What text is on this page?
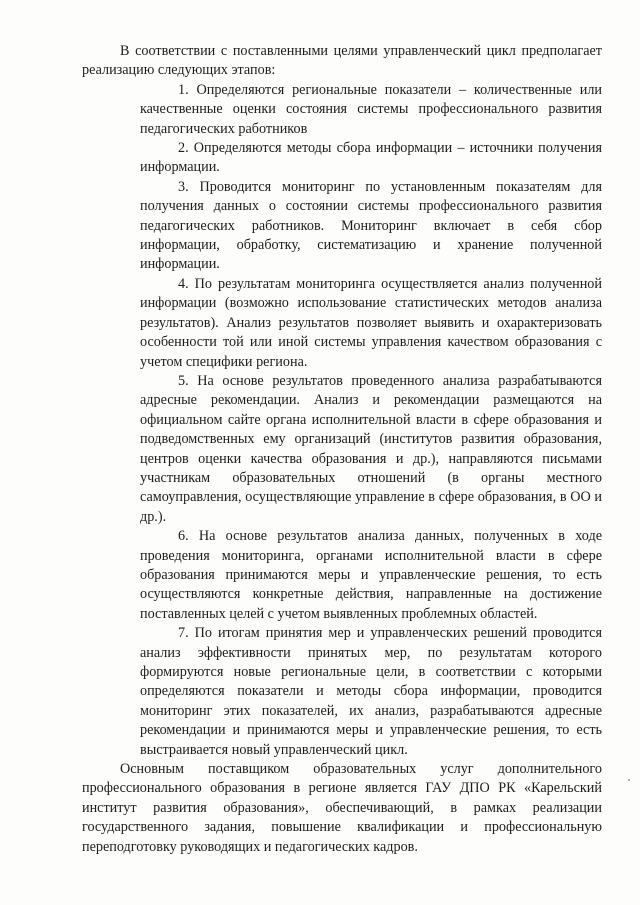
В соответствии с поставленными целями управленческий цикл предполагает реализацию следующих этапов:

1. Определяются региональные показатели – количественные или качественные оценки состояния системы профессионального развития педагогических работников

2. Определяются методы сбора информации – источники получения информации.

3. Проводится мониторинг по установленным показателям для получения данных о состоянии системы профессионального развития педагогических работников. Мониторинг включает в себя сбор информации, обработку, систематизацию и хранение полученной информации.

4. По результатам мониторинга осуществляется анализ полученной информации (возможно использование статистических методов анализа результатов). Анализ результатов позволяет выявить и охарактеризовать особенности той или иной системы управления качеством образования с учетом специфики региона.

5. На основе результатов проведенного анализа разрабатываются адресные рекомендации. Анализ и рекомендации размещаются на официальном сайте органа исполнительной власти в сфере образования и подведомственных ему организаций (институтов развития образования, центров оценки качества образования и др.), направляются письмами участникам образовательных отношений (в органы местного самоуправления, осуществляющие управление в сфере образования, в ОО и др.).

6. На основе результатов анализа данных, полученных в ходе проведения мониторинга, органами исполнительной власти в сфере образования принимаются меры и управленческие решения, то есть осуществляются конкретные действия, направленные на достижение поставленных целей с учетом выявленных проблемных областей.

7. По итогам принятия мер и управленческих решений проводится анализ эффективности принятых мер, по результатам которого формируются новые региональные цели, в соответствии с которыми определяются показатели и методы сбора информации, проводится мониторинг этих показателей, их анализ, разрабатываются адресные рекомендации и принимаются меры и управленческие решения, то есть выстраивается новый управленческий цикл.

Основным поставщиком образовательных услуг дополнительного профессионального образования в регионе является ГАУ ДПО РК «Карельский институт развития образования», обеспечивающий, в рамках реализации государственного задания, повышение квалификации и профессиональную переподготовку руководящих и педагогических кадров.
